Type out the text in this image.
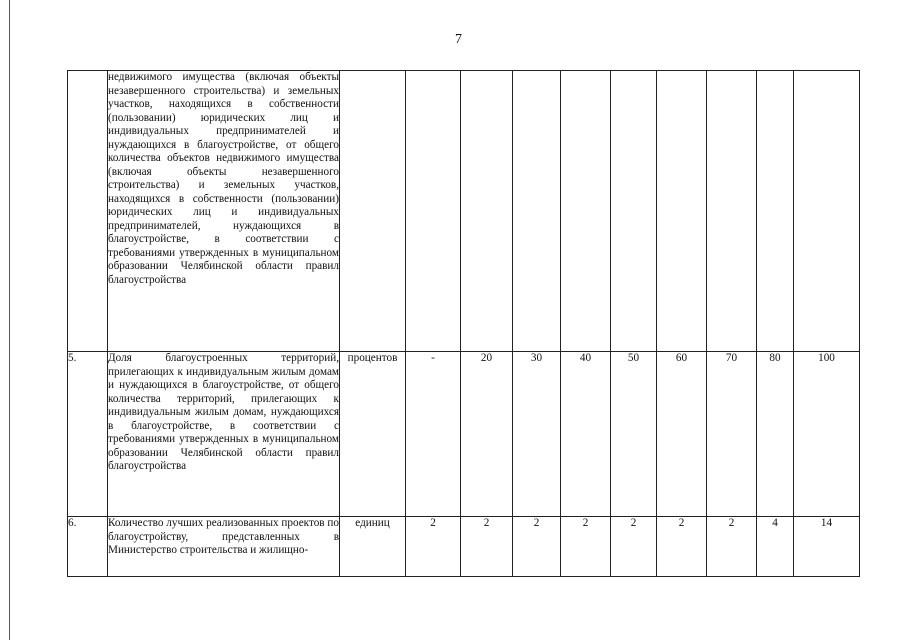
7

	недвижимого имущества (включая объекты незавершенного строительства) и земельных участков, находящихся в собственности (пользовании) юридических лиц и индивидуальных предпринимателей и нуждающихся в благоустройстве, от общего количества объектов недвижимого имущества (включая объекты незавершенного строительства) и земельных участков, находящихся в собственности (пользовании) юридических лиц и индивидуальных предпринимателей, нуждающихся в благоустройстве, в соответствии с требованиями утвержденных в муниципальном образовании Челябинской области правил благоустройства										

5.	Доля благоустроенных территорий, прилегающих к индивидуальным жилым домам и нуждающихся в благоустройстве, от общего количества территорий, прилегающих к индивидуальным жилым домам, нуждающихся в благоустройстве, в соответствии с требованиями утвержденных в муниципальном образовании Челябинской области правил благоустройства	процентов	-	20	30	40	50	60	70	80	100
6.	Количество лучших реализованных проектов по благоустройству, представленных в Министерство строительства и жилищно-	единиц	2	2	2	2	2	2	2	4	14
